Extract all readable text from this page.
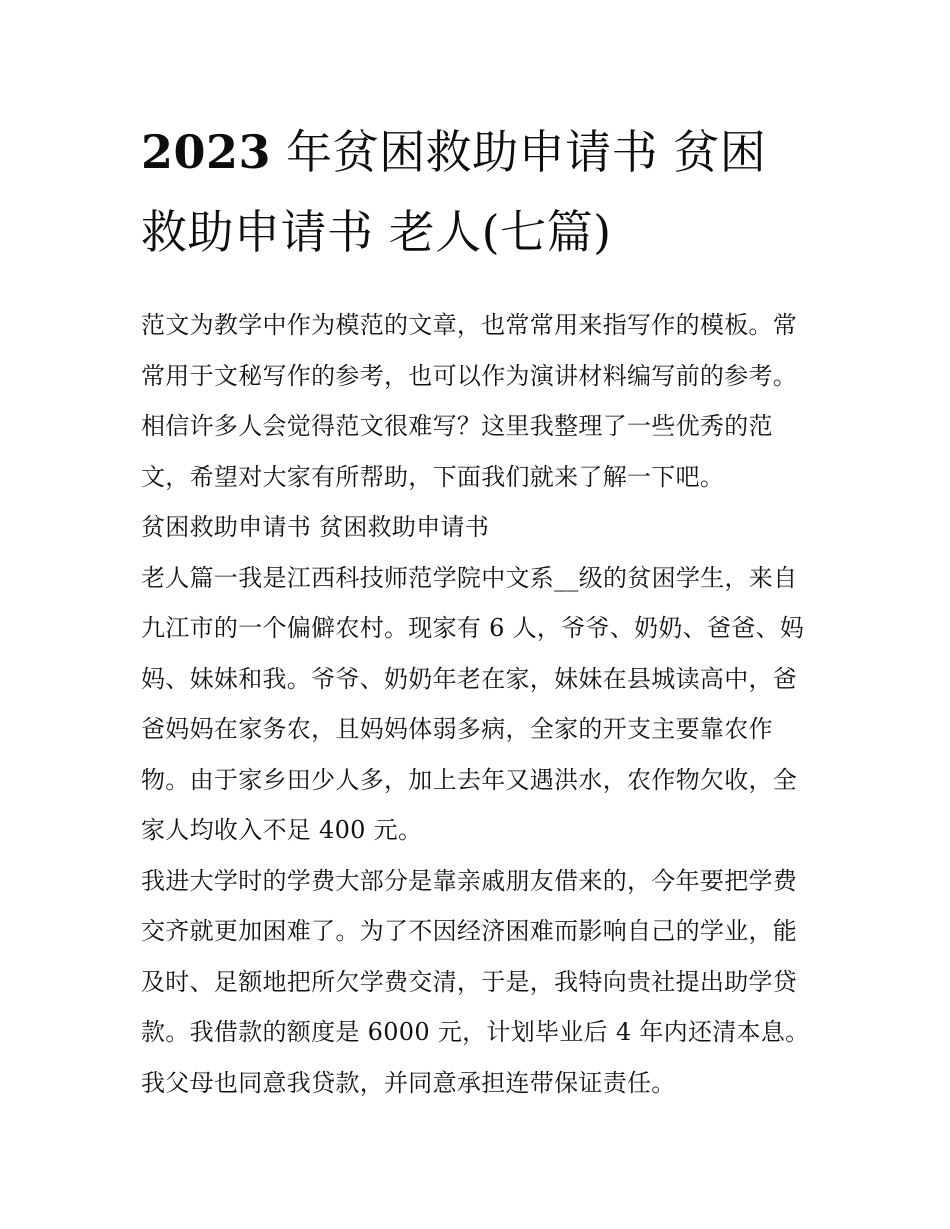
2023 年贫困救助申请书 贫困
救助申请书 老人(七篇)

范文为教学中作为模范的文章，也常常用来指写作的模板。常
常用于文秘写作的参考，也可以作为演讲材料编写前的参考。
相信许多人会觉得范文很难写？这里我整理了一些优秀的范
文，希望对大家有所帮助，下面我们就来了解一下吧。

贫困救助申请书 贫困救助申请书

老人篇一我是江西科技师范学院中文系__级的贫困学生，来自
九江市的一个偏僻农村。现家有 6 人，爷爷、奶奶、爸爸、妈
妈、妹妹和我。爷爷、奶奶年老在家，妹妹在县城读高中，爸
爸妈妈在家务农，且妈妈体弱多病，全家的开支主要靠农作
物。由于家乡田少人多，加上去年又遇洪水，农作物欠收，全
家人均收入不足 400 元。

我进大学时的学费大部分是靠亲戚朋友借来的，今年要把学费
交齐就更加困难了。为了不因经济困难而影响自己的学业，能
及时、足额地把所欠学费交清，于是，我特向贵社提出助学贷
款。我借款的额度是 6000 元，计划毕业后 4 年内还清本息。

我父母也同意我贷款，并同意承担连带保证责任。
